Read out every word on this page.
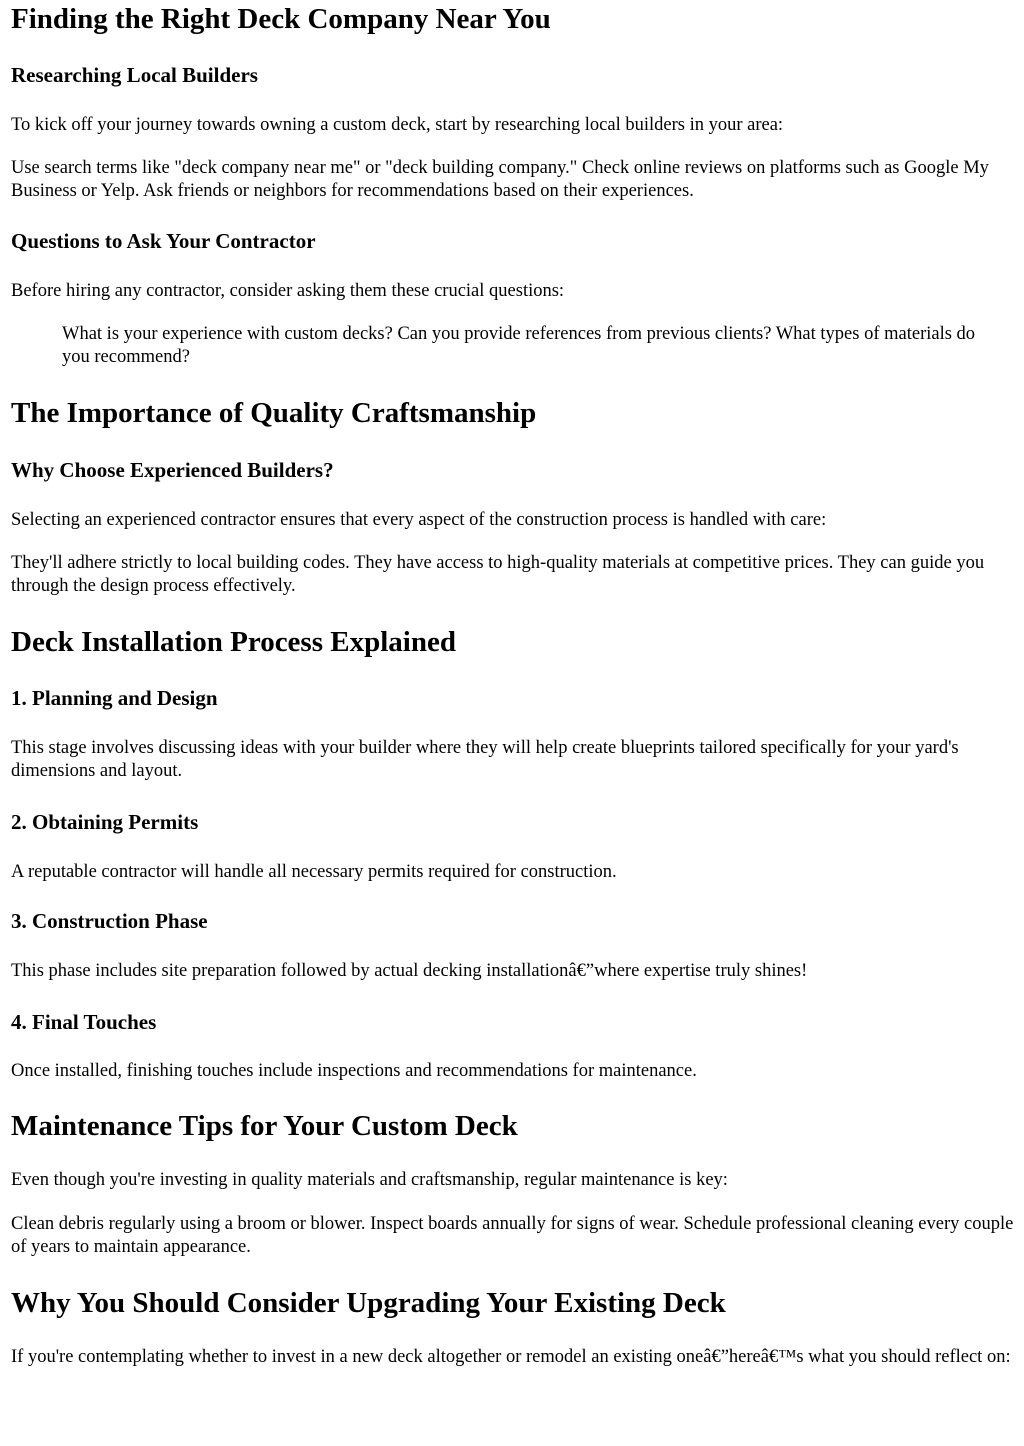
Finding the Right Deck Company Near You
Researching Local Builders

To kick off your journey towards owning a custom deck, start by researching local builders in your area:

Use search terms like "deck company near me" or "deck building company." Check online reviews on platforms such as Google My Business or Yelp. Ask friends or neighbors for recommendations based on their experiences.

Questions to Ask Your Contractor

Before hiring any contractor, consider asking them these crucial questions:

What is your experience with custom decks? Can you provide references from previous clients? What types of materials do you recommend?
The Importance of Quality Craftsmanship
Why Choose Experienced Builders?

Selecting an experienced contractor ensures that every aspect of the construction process is handled with care:

They'll adhere strictly to local building codes. They have access to high-quality materials at competitive prices. They can guide you through the design process effectively.

Deck Installation Process Explained
1. Planning and Design

This stage involves discussing ideas with your builder where they will help create blueprints tailored specifically for your yard's dimensions and layout.

2. Obtaining Permits

A reputable contractor will handle all necessary permits required for construction.

3. Construction Phase

This phase includes site preparation followed by actual decking installationâ€”where expertise truly shines!

4. Final Touches

Once installed, finishing touches include inspections and recommendations for maintenance.

Maintenance Tips for Your Custom Deck

Even though you're investing in quality materials and craftsmanship, regular maintenance is key:

Clean debris regularly using a broom or blower. Inspect boards annually for signs of wear. Schedule professional cleaning every couple of years to maintain appearance.

Why You Should Consider Upgrading Your Existing Deck

If you're contemplating whether to invest in a new deck altogether or remodel an existing oneâ€”hereâ€™s what you should reflect on:
